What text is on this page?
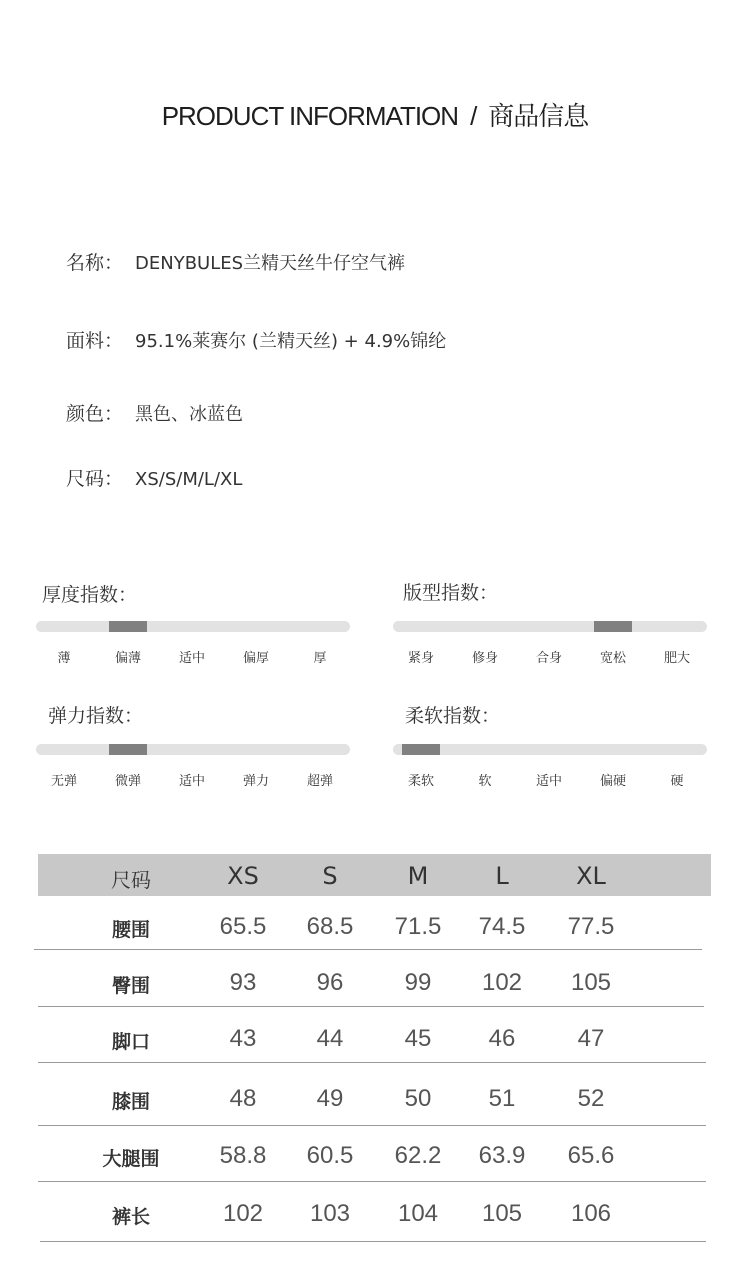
PRODUCT INFORMATION / 商品信息
名称： DENYBULES兰精天丝牛仔空气裤
面料： 95.1%莱赛尔 (兰精天丝) + 4.9%锦纶
颜色： 黑色、冰蓝色
尺码： XS/S/M/L/XL
厚度指数：
薄	偏薄	适中	偏厚	厚
版型指数：
紧身	修身	合身	宽松	肥大
弹力指数：
无弹	微弹	适中	弹力	超弹
柔软指数：
柔软	软	适中	偏硬	硬
尺码	XS	S	M	L	XL
腰围	65.5 68.5 71.5 74.5 77.5
臀围	93	96	99 102 105
脚口	43	44	45 46	47
膝围	48	49	50 51	52
大腿围	58.8 60.5 62.2 63.9 65.6
裤长	102 103 104 105 106
